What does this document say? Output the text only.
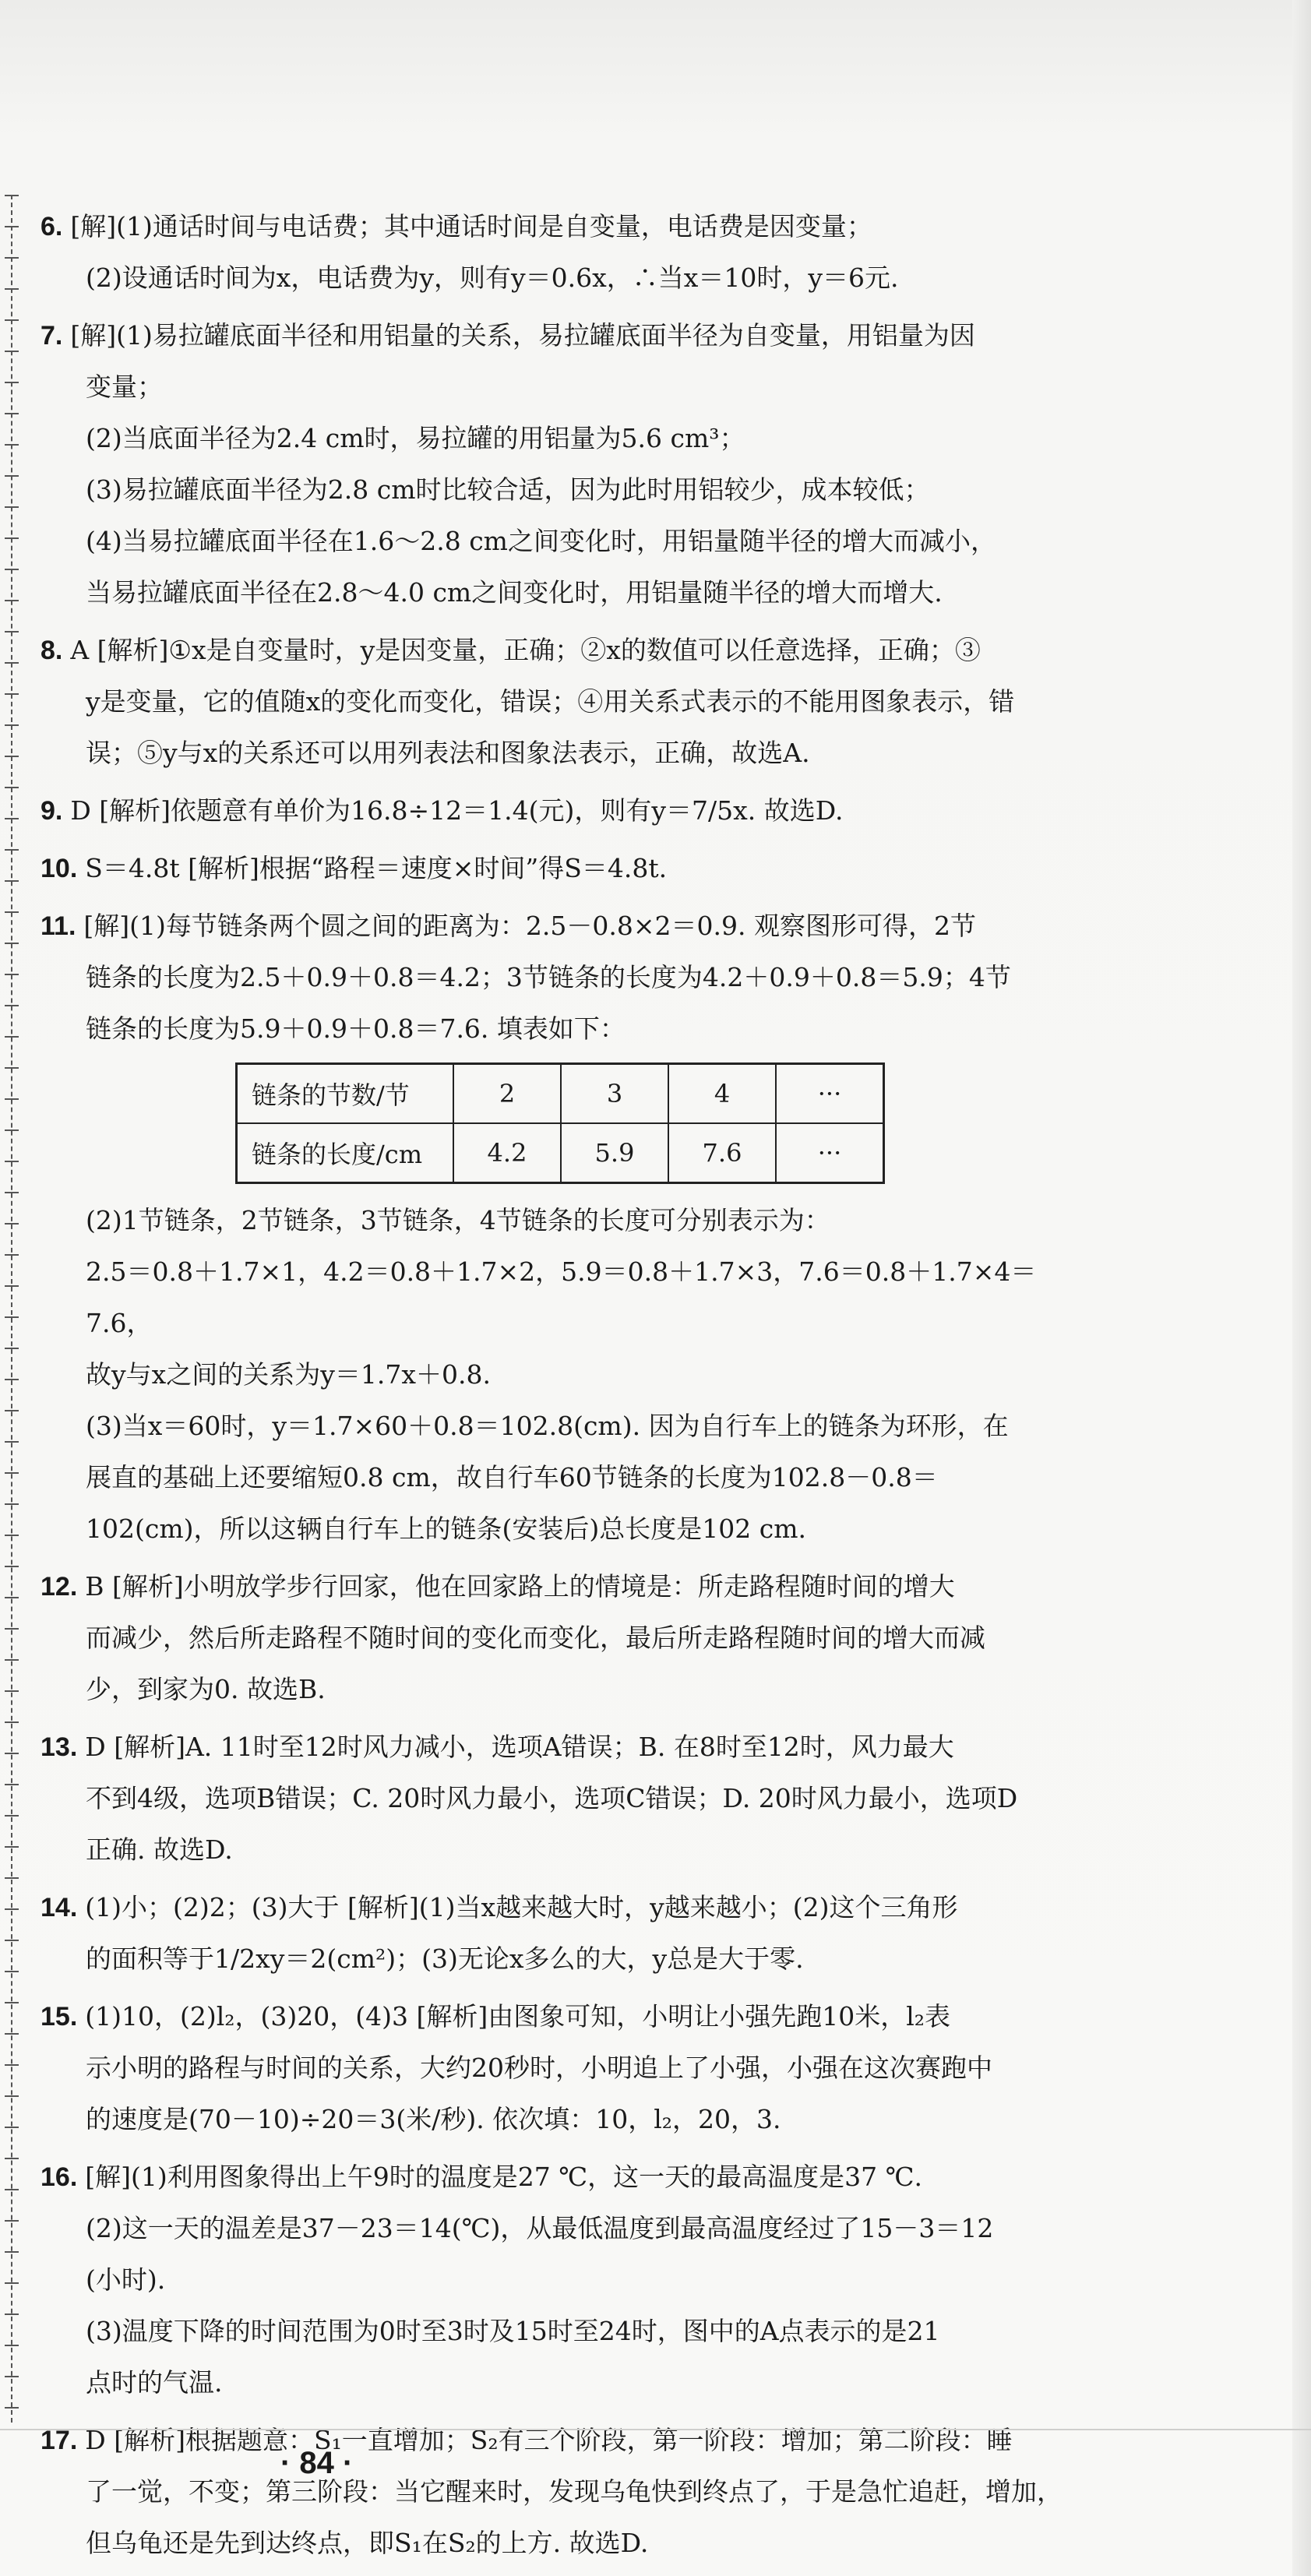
6. [解](1)通话时间与电话费；其中通话时间是自变量，电话费是因变量；
(2)设通话时间为x，电话费为y，则有y＝0.6x，∴当x＝10时，y＝6元.
7. [解](1)易拉罐底面半径和用铝量的关系，易拉罐底面半径为自变量，用铝量为因
变量；
(2)当底面半径为2.4 cm时，易拉罐的用铝量为5.6 cm³；
(3)易拉罐底面半径为2.8 cm时比较合适，因为此时用铝较少，成本较低；
(4)当易拉罐底面半径在1.6～2.8 cm之间变化时，用铝量随半径的增大而减小，
当易拉罐底面半径在2.8～4.0 cm之间变化时，用铝量随半径的增大而增大.
8. A [解析]①x是自变量时，y是因变量，正确；②x的数值可以任意选择，正确；③
y是变量，它的值随x的变化而变化，错误；④用关系式表示的不能用图象表示，错
误；⑤y与x的关系还可以用列表法和图象法表示，正确，故选A.
9. D [解析]依题意有单价为16.8÷12＝1.4(元)，则有y＝7/5x. 故选D.
10. S＝4.8t [解析]根据“路程＝速度×时间”得S＝4.8t.
11. [解](1)每节链条两个圆之间的距离为：2.5－0.8×2＝0.9. 观察图形可得，2节
链条的长度为2.5＋0.9＋0.8＝4.2；3节链条的长度为4.2＋0.9＋0.8＝5.9；4节
链条的长度为5.9＋0.9＋0.8＝7.6. 填表如下：
链条的节数/节	2	3	4	···
链条的长度/cm	4.2	5.9	7.6	···
(2)1节链条，2节链条，3节链条，4节链条的长度可分别表示为：
2.5＝0.8＋1.7×1，4.2＝0.8＋1.7×2，5.9＝0.8＋1.7×3，7.6＝0.8＋1.7×4＝
7.6，
故y与x之间的关系为y＝1.7x＋0.8.
(3)当x＝60时，y＝1.7×60＋0.8＝102.8(cm). 因为自行车上的链条为环形，在
展直的基础上还要缩短0.8 cm，故自行车60节链条的长度为102.8－0.8＝
102(cm)，所以这辆自行车上的链条(安装后)总长度是102 cm.
12. B [解析]小明放学步行回家，他在回家路上的情境是：所走路程随时间的增大
而减少，然后所走路程不随时间的变化而变化，最后所走路程随时间的增大而减
少，到家为0. 故选B.
13. D [解析]A. 11时至12时风力减小，选项A错误；B. 在8时至12时，风力最大
不到4级，选项B错误；C. 20时风力最小，选项C错误；D. 20时风力最小，选项D
正确. 故选D.
14. (1)小；(2)2；(3)大于 [解析](1)当x越来越大时，y越来越小；(2)这个三角形
的面积等于1/2xy＝2(cm²)；(3)无论x多么的大，y总是大于零.
15. (1)10，(2)l₂，(3)20，(4)3 [解析]由图象可知，小明让小强先跑10米，l₂表
示小明的路程与时间的关系，大约20秒时，小明追上了小强，小强在这次赛跑中
的速度是(70－10)÷20＝3(米/秒). 依次填：10，l₂，20，3.
16. [解](1)利用图象得出上午9时的温度是27 ℃，这一天的最高温度是37 ℃.
(2)这一天的温差是37－23＝14(℃)，从最低温度到最高温度经过了15－3＝12
(小时).
(3)温度下降的时间范围为0时至3时及15时至24时，图中的A点表示的是21
点时的气温.
17. D [解析]根据题意：S₁一直增加；S₂有三个阶段，第一阶段：增加；第二阶段：睡
了一觉，不变；第三阶段：当它醒来时，发现乌龟快到终点了，于是急忙追赶，增加，
但乌龟还是先到达终点，即S₁在S₂的上方. 故选D.
· 84 ·
